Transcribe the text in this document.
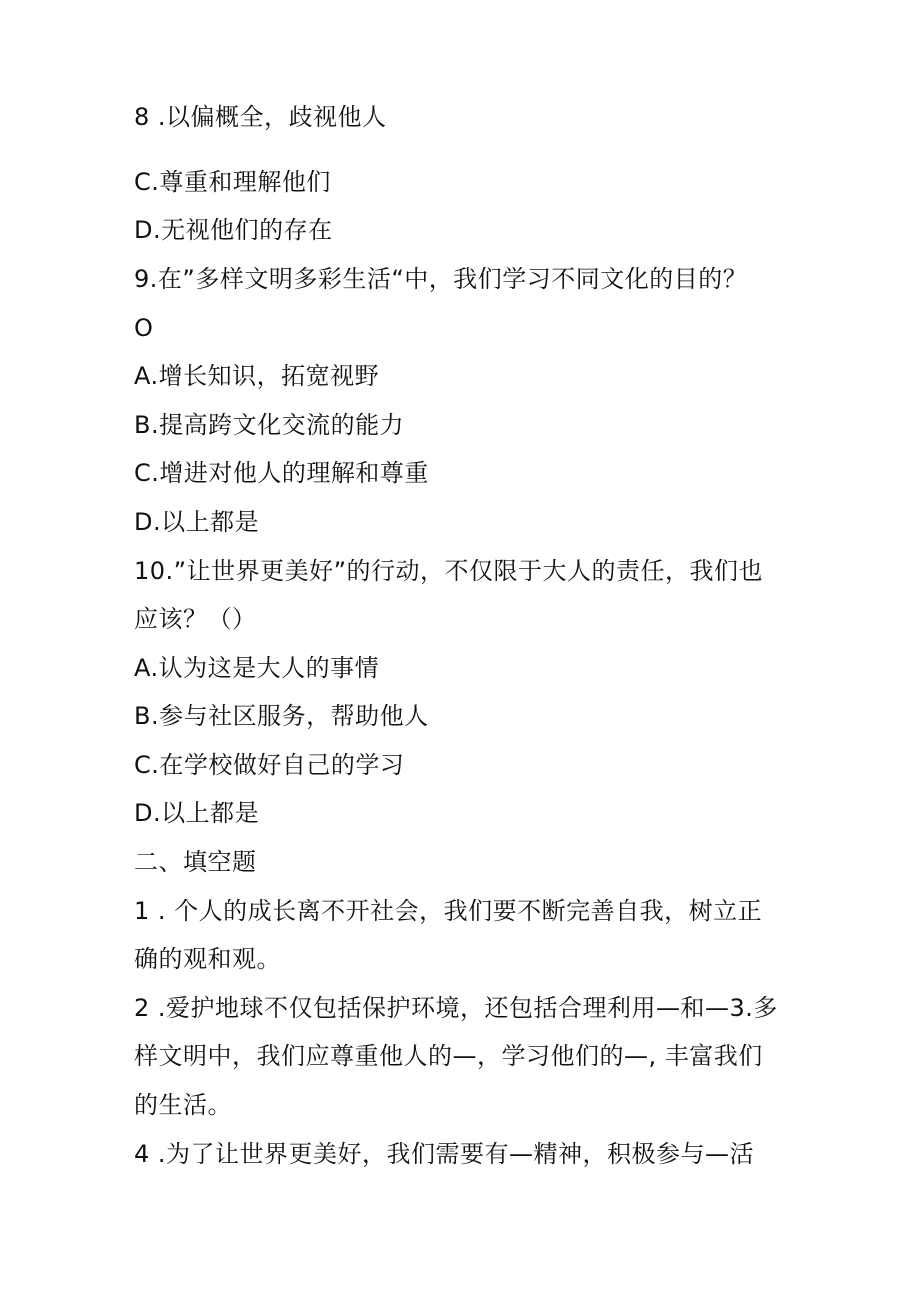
8 .以偏概全，歧视他人
C.尊重和理解他们
D.无视他们的存在
9.在”多样文明多彩生活“中，我们学习不同文化的目的？
O
A.增长知识，拓宽视野
B.提高跨文化交流的能力
C.增进对他人的理解和尊重
D.以上都是
10.”让世界更美好”的行动，不仅限于大人的责任，我们也
应该？（）
A.认为这是大人的事情
B.参与社区服务，帮助他人
C.在学校做好自己的学习
D.以上都是
二、填空题
1 . 个人的成长离不开社会，我们要不断完善自我，树立正
确的观和观。
2 .爱护地球不仅包括保护环境，还包括合理利用—和—3.多
样文明中，我们应尊重他人的—，学习他们的—, 丰富我们
的生活。
4 .为了让世界更美好，我们需要有—精神，积极参与—活
